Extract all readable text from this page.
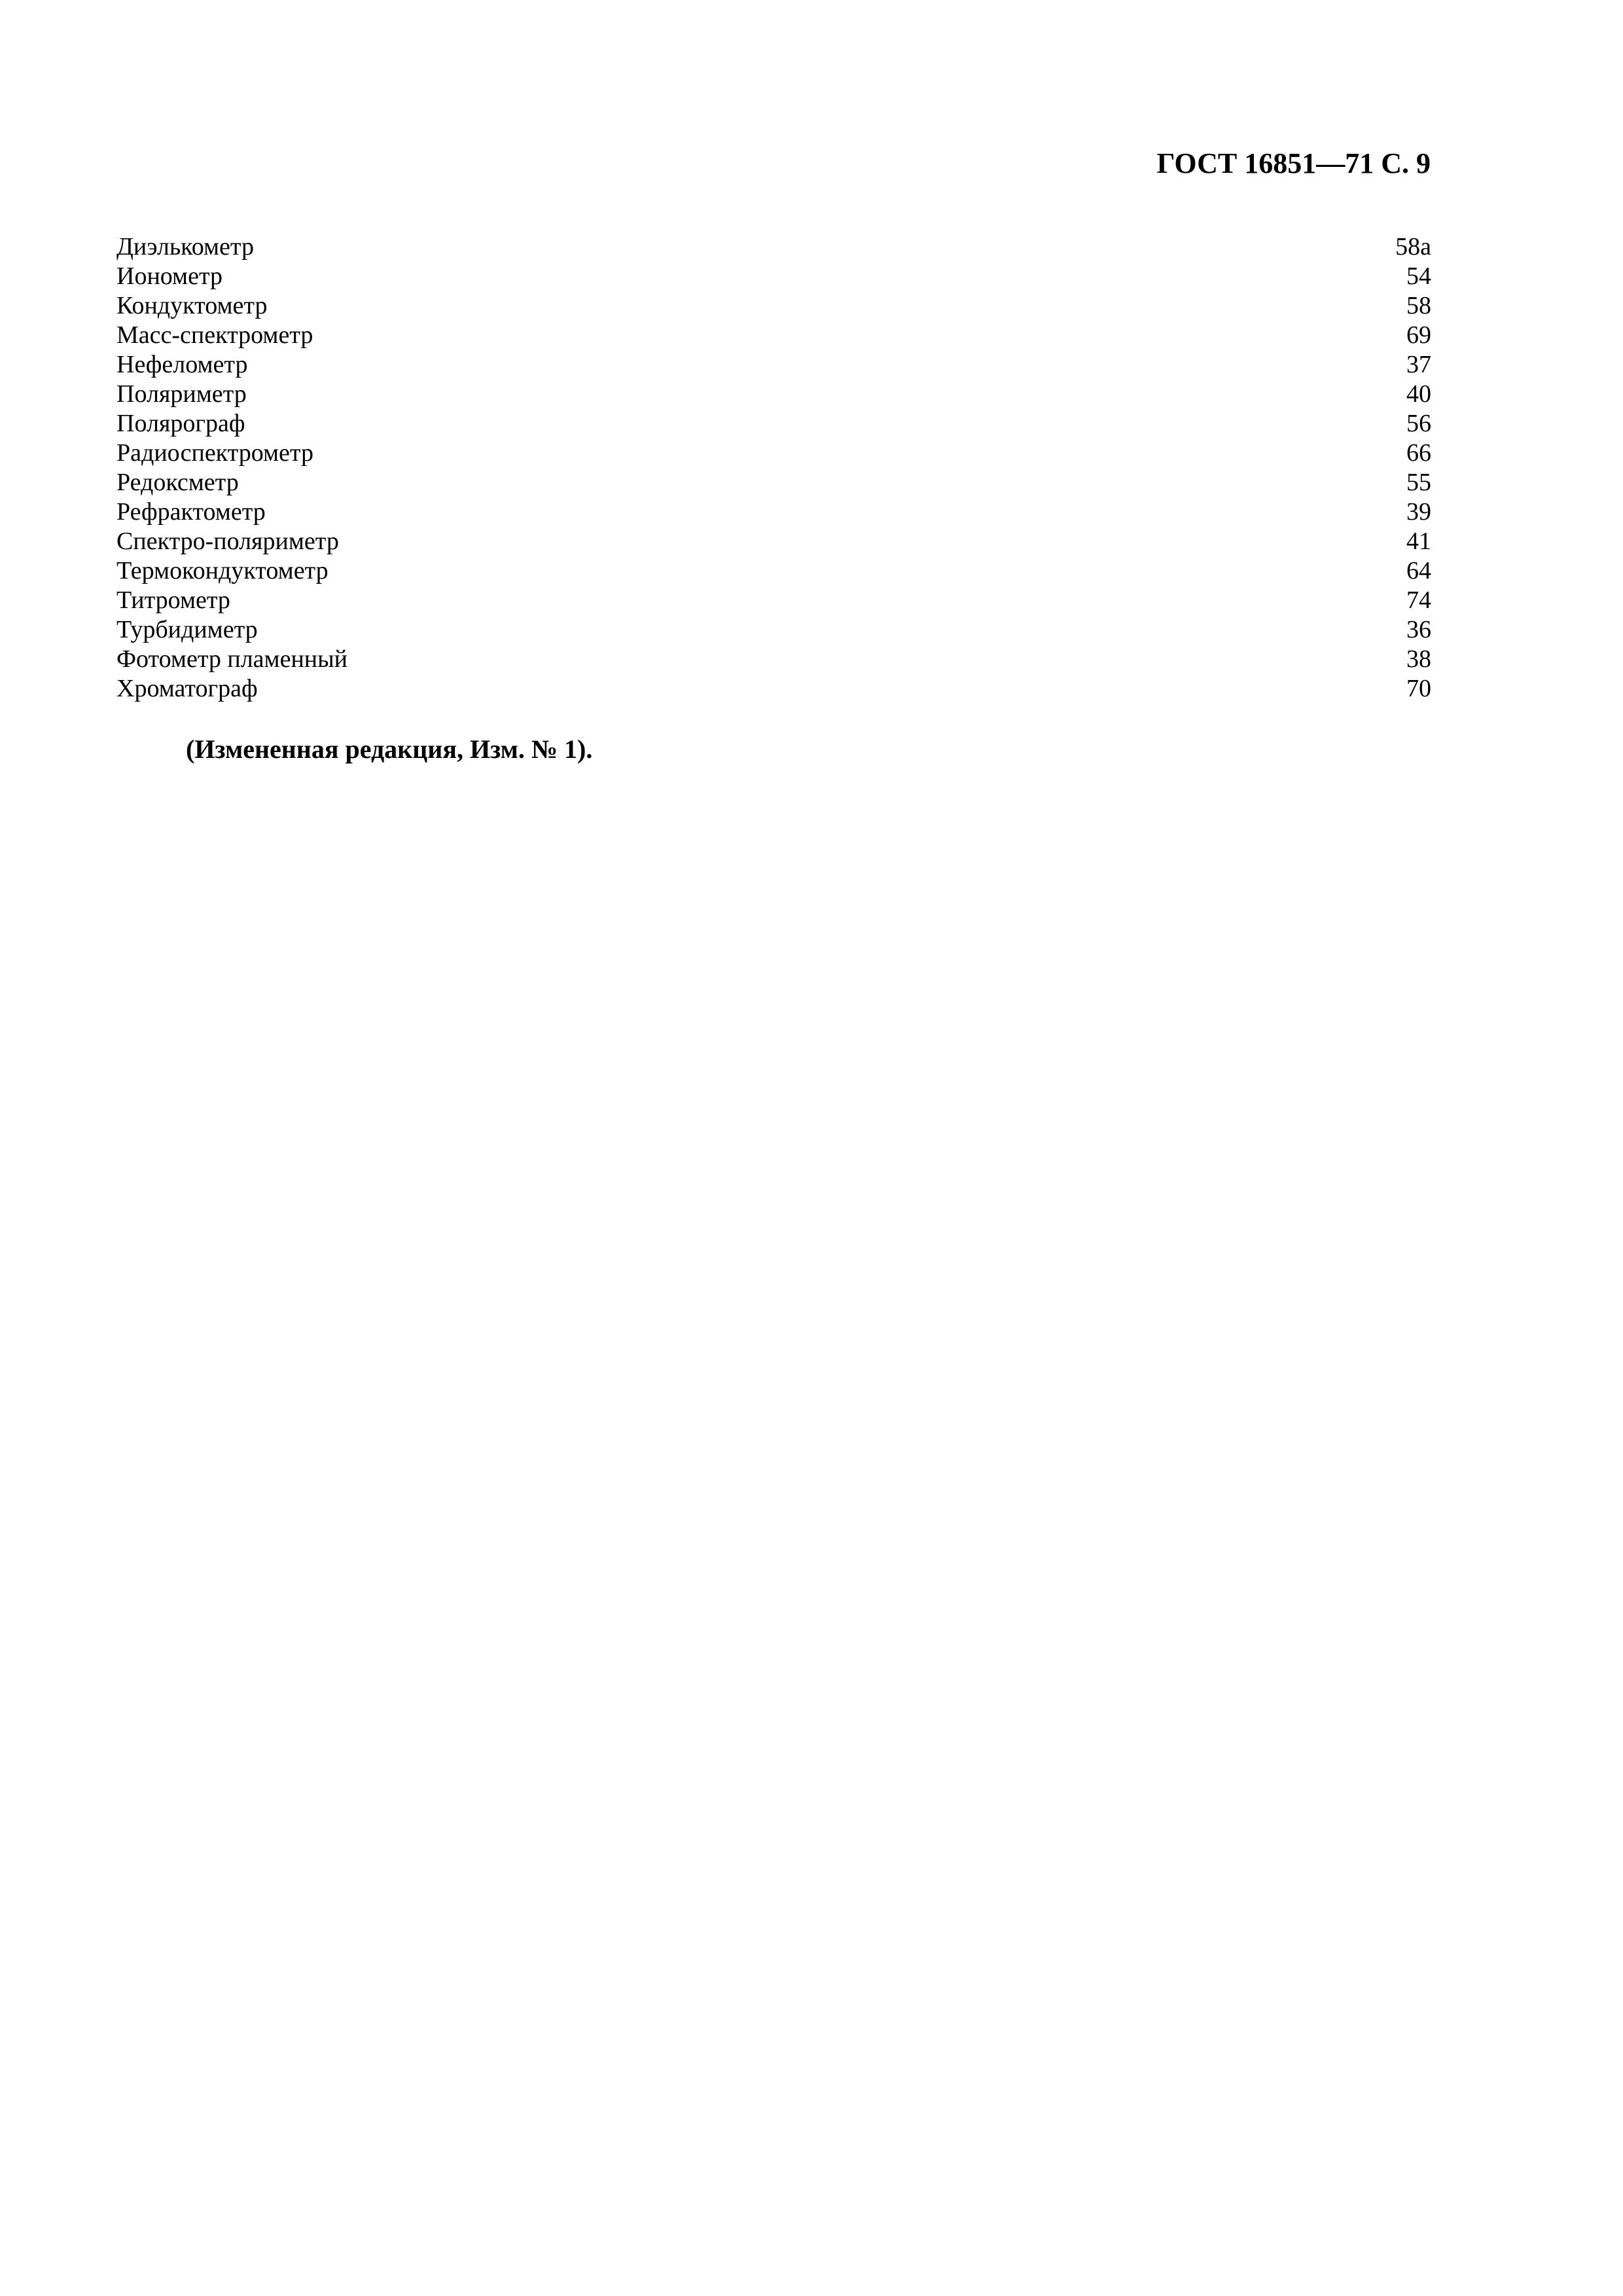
ГОСТ 16851—71 С. 9
Диэлькометр	58а
Иономeтр	54
Кондуктометр	58
Масс-спектрометр	69
Нефелометр	37
Поляриметр	40
Полярограф	56
Радиоспектрометр	66
Редоксметр	55
Рефрактометр	39
Спектро-поляриметр	41
Термокондуктометр	64
Титрометр	74
Турбидиметр	36
Фотометр пламенный	38
Хроматограф	70
(Измененная редакция, Изм. № 1).
